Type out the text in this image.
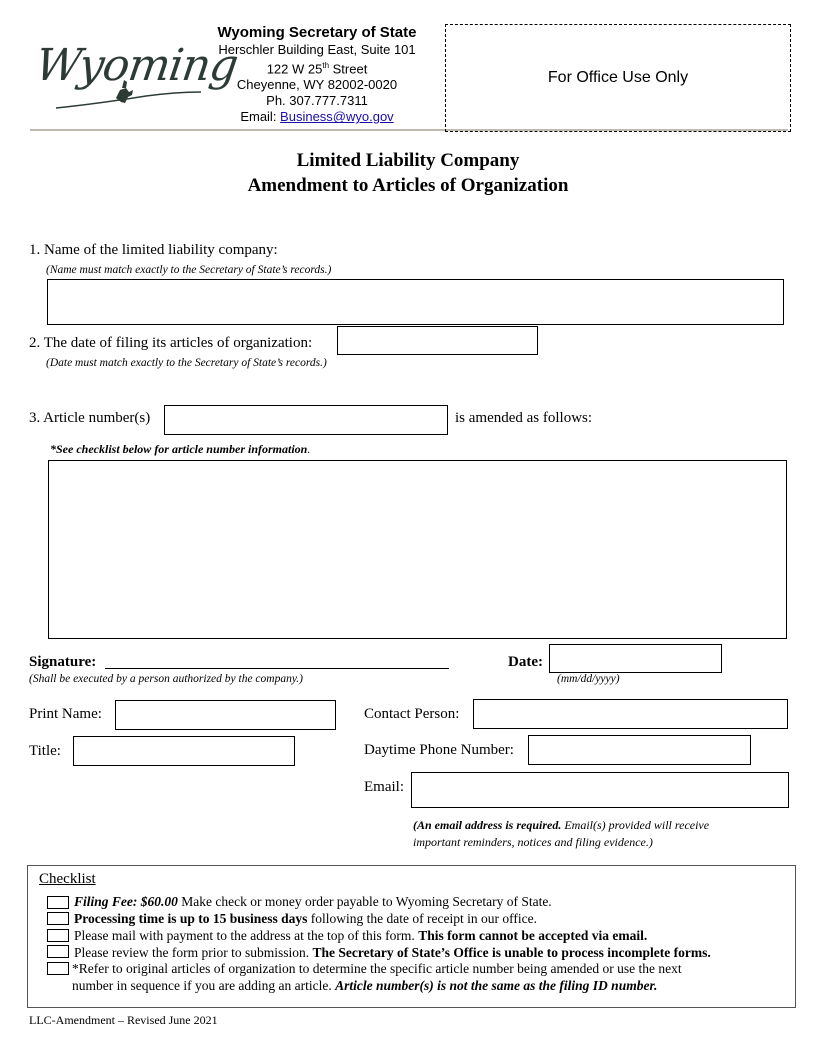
Wyoming
Wyoming Secretary of State
Herschler Building East, Suite 101
122 W 25th Street
Cheyenne, WY 82002-0020
Ph. 307.777.7311
Email: Business@wyo.gov
For Office Use Only
Limited Liability Company
Amendment to Articles of Organization
1. Name of the limited liability company:
(Name must match exactly to the Secretary of State’s records.)
2. The date of filing its articles of organization:
(Date must match exactly to the Secretary of State’s records.)
3. Article number(s)	is amended as follows:
*See checklist below for article number information.
Signature:
(Shall be executed by a person authorized by the company.)
Date:
(mm/dd/yyyy)
Print Name:
Title:
Contact Person:
Daytime Phone Number:
Email:
(An email address is required. Email(s) provided will receive
important reminders, notices and filing evidence.)
Checklist
Filing Fee: $60.00 Make check or money order payable to Wyoming Secretary of State.
Processing time is up to 15 business days following the date of receipt in our office.
Please mail with payment to the address at the top of this form. This form cannot be accepted via email.
Please review the form prior to submission. The Secretary of State’s Office is unable to process incomplete forms.
*Refer to original articles of organization to determine the specific article number being amended or use the next
number in sequence if you are adding an article. Article number(s) is not the same as the filing ID number.
LLC-Amendment – Revised June 2021
